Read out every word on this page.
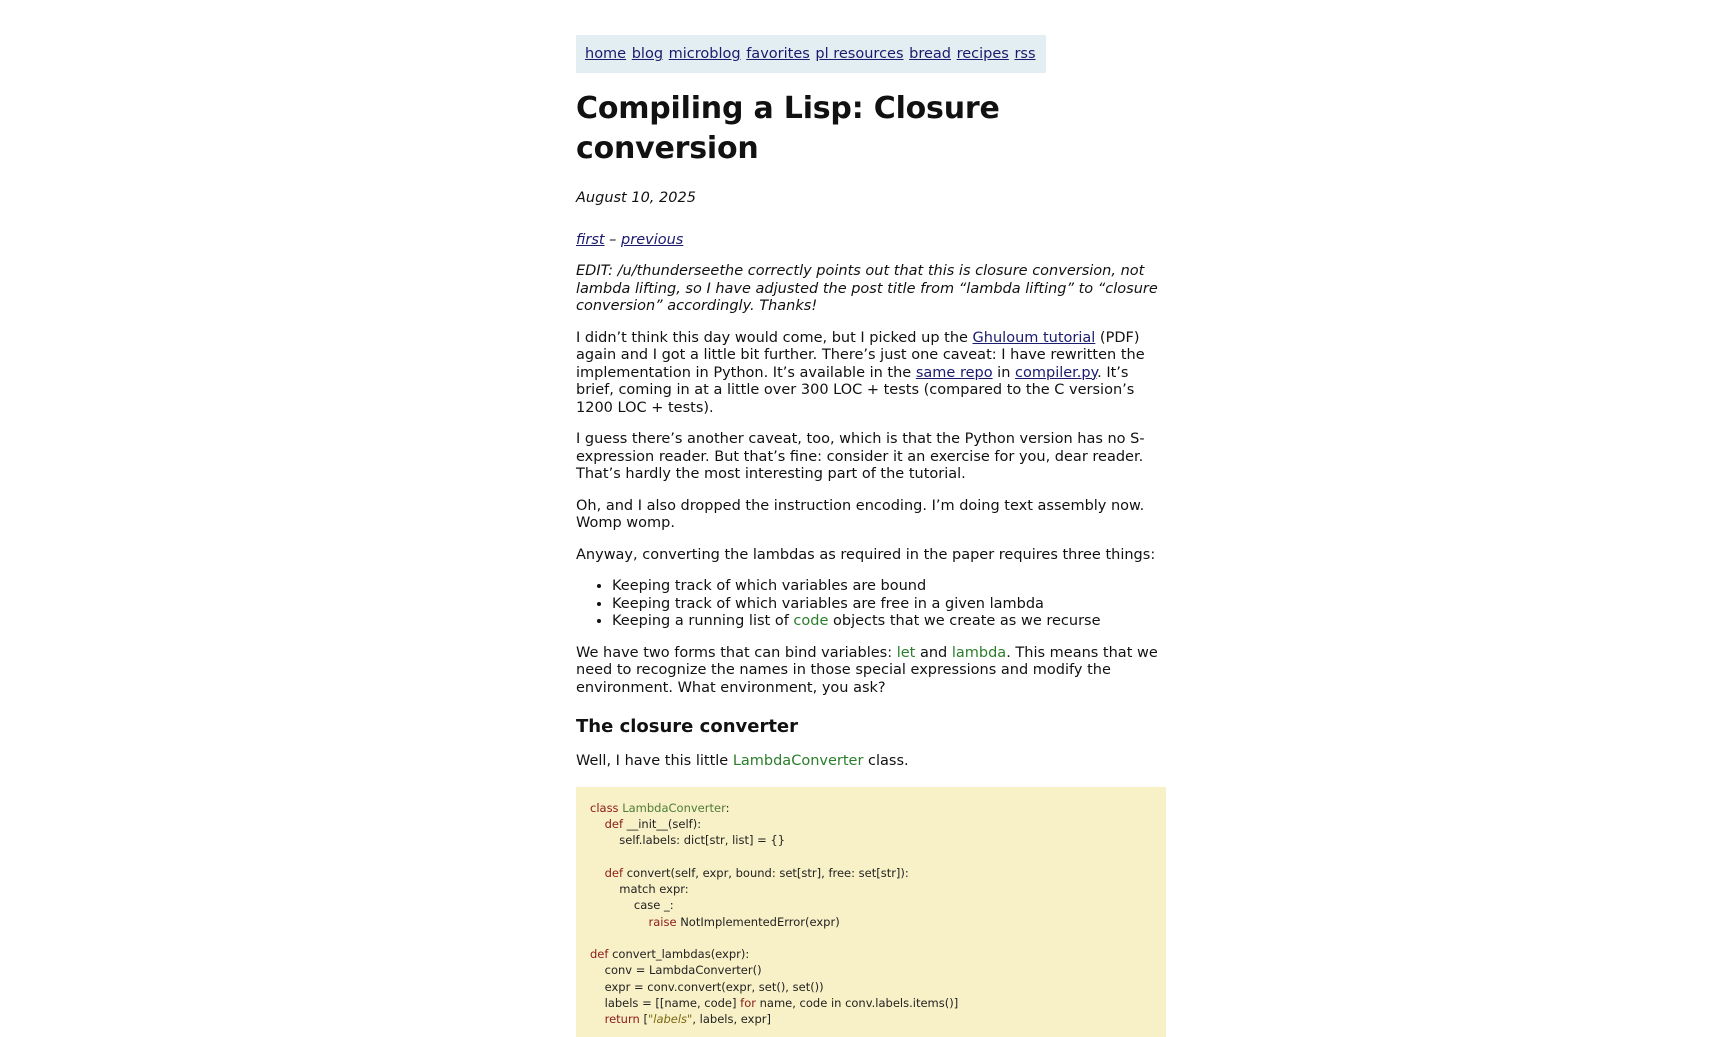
home blog microblog favorites pl resources bread recipes rss
Compiling a Lisp: Closure conversion
August 10, 2025
first – previous

EDIT: /u/thunderseethe correctly points out that this is closure conversion, not lambda lifting, so I have adjusted the post title from “lambda lifting” to “closure conversion” accordingly. Thanks!

I didn’t think this day would come, but I picked up the Ghuloum tutorial (PDF) again and I got a little bit further. There’s just one caveat: I have rewritten the implementation in Python. It’s available in the same repo in compiler.py. It’s brief, coming in at a little over 300 LOC + tests (compared to the C version’s 1200 LOC + tests).

I guess there’s another caveat, too, which is that the Python version has no S-expression reader. But that’s fine: consider it an exercise for you, dear reader. That’s hardly the most interesting part of the tutorial.

Oh, and I also dropped the instruction encoding. I’m doing text assembly now. Womp womp.

Anyway, converting the lambdas as required in the paper requires three things:

• Keeping track of which variables are bound
• Keeping track of which variables are free in a given lambda
• Keeping a running list of code objects that we create as we recurse

We have two forms that can bind variables: let and lambda. This means that we need to recognize the names in those special expressions and modify the environment. What environment, you ask?

The closure converter

Well, I have this little LambdaConverter class.

class LambdaConverter:
def __init__(self):
self.labels: dict[str, list] = {}

def convert(self, expr, bound: set[str], free: set[str]):
match expr:
case _:
raise NotImplementedError(expr)

def convert_lambdas(expr):
conv = LambdaConverter()
expr = conv.convert(expr, set(), set())
labels = [[name, code] for name, code in conv.labels.items()]
return ["labels", labels, expr]
